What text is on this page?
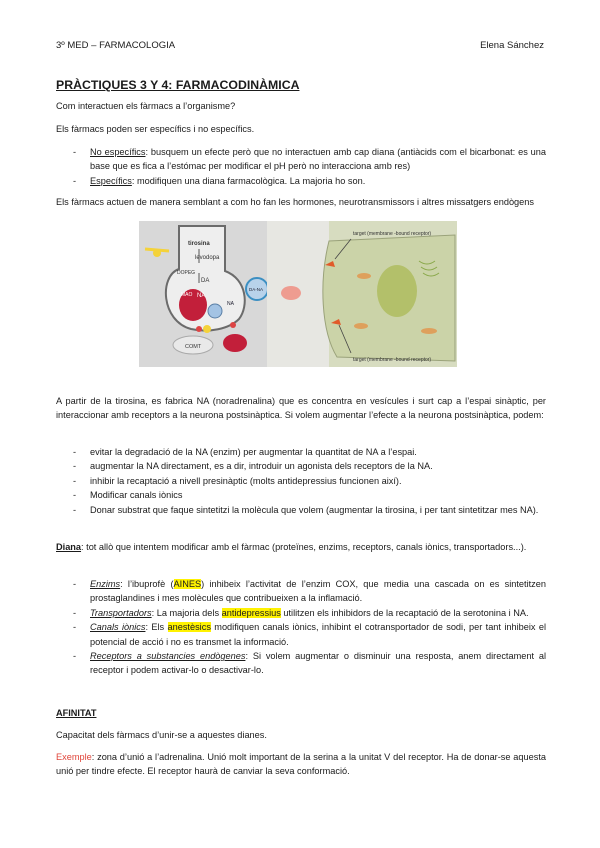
3º MED – FARMACOLOGIA	Elena Sánchez
PRÀCTIQUES 3 Y 4: FARMACODINÀMICA
Com interactuen els fàrmacs a l’organisme?
Els fàrmacs poden ser específics i no específics.
- No específics: busquem un efecte però que no interactuen amb cap diana (antiàcids com el bicarbonat: es una base que es fica a l’estómac per modificar el pH però no interacciona amb res)
- Específics: modifiquen una diana farmacològica. La majoria ho son.
Els fàrmacs actuen de manera semblant a com ho fan les hormones, neurotransmissors i altres missatgers endògens
tirosina
levodopa
DOPEG
DA
MAO NA
COMT
DA-NA
NA
target (membrane -bound receptor)
target (membrane -bound receptor)
A partir de la tirosina, es fabrica NA (noradrenalina) que es concentra en vesícules i surt cap a l’espai sinàptic, per interaccionar amb receptors a la neurona postsinàptica. Si volem augmentar l’efecte a la neurona postsinàptica, podem:
- evitar la degradació de la NA (enzim) per augmentar la quantitat de NA a l’espai.
- augmentar la NA directament, es a dir, introduir un agonista dels receptors de la NA.
- inhibir la recaptació a nivell presinàptic (molts antidepressius funcionen així).
- Modificar canals iònics
- Donar substrat que faque sintetitzi la molècula que volem (augmentar la tirosina, i per tant sintetitzar mes NA).
Diana: tot allò que intentem modificar amb el fàrmac (proteïnes, enzims, receptors, canals iònics, transportadors...).
- Enzims: l’ibuprofè (AINES) inhibeix l’activitat de l’enzim COX, que media una cascada on es sintetitzen prostaglandines i mes molècules que contribueixen a la inflamació.
- Transportadors: La majoria dels antidepressius utilitzen els inhibidors de la recaptació de la serotonina i NA.
- Canals iònics: Els anestèsics modifiquen canals iònics, inhibint el cotransportador de sodi, per tant inhibeix el potencial de acció i no es transmet la informació.
- Receptors a substancies endògenes: Si volem augmentar o disminuir una resposta, anem directament al receptor i podem activar-lo o desactivar-lo.
AFINITAT
Capacitat dels fàrmacs d’unir-se a aquestes dianes.
Exemple: zona d’unió a l’adrenalina. Unió molt important de la serina a la unitat V del receptor. Ha de donar-se aquesta unió per tindre efecte. El receptor haurà de canviar la seva conformació.
